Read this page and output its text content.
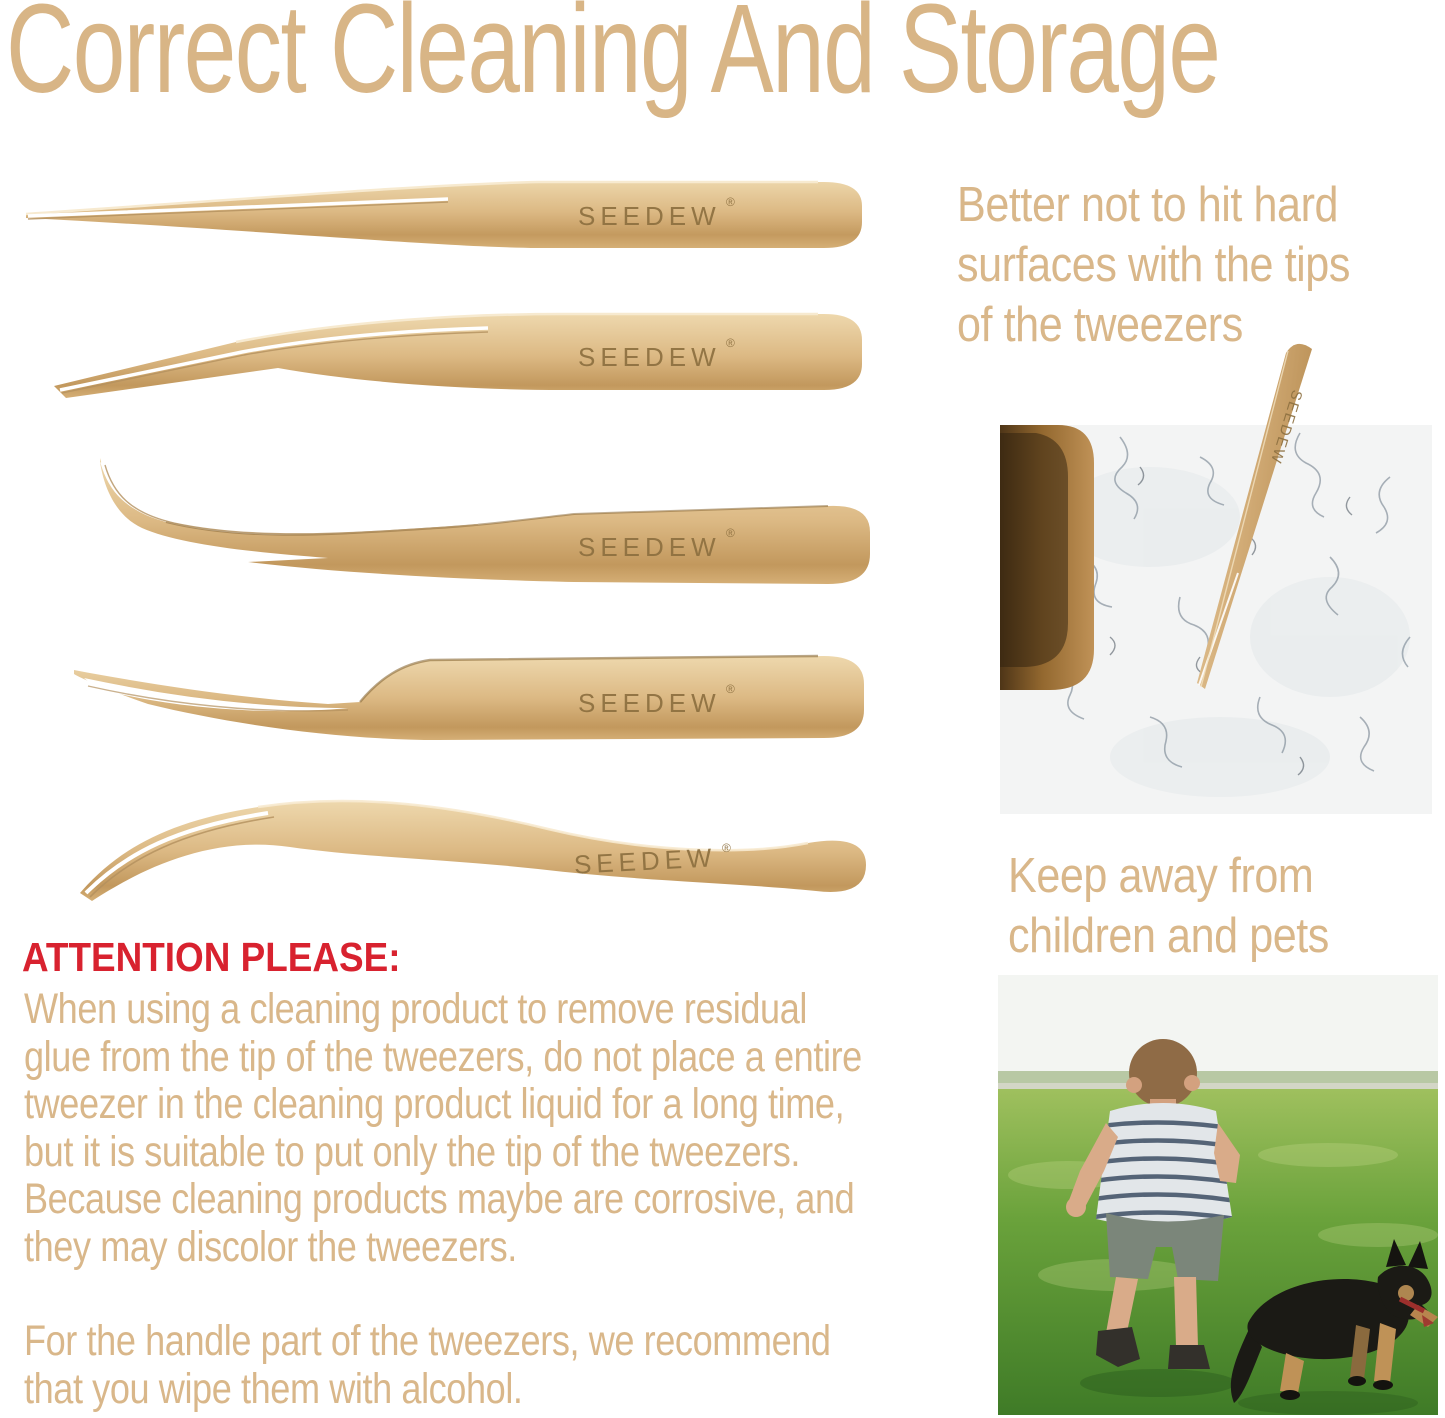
Correct Cleaning And Storage
SEEDEW ®
SEEDEW ®
SEEDEW ®
SEEDEW ®
SEEDEW ®
Better not to hit hard
surfaces with the tips
of the tweezers
SEEDEW
Keep away from
children and pets
ATTENTION PLEASE:
When using a cleaning product to remove residual
glue from the tip of the tweezers, do not place a entire
tweezer in the cleaning product liquid for a long time,
but it is suitable to put only the tip of the tweezers.
Because cleaning products maybe are corrosive, and
they may discolor the tweezers.
For the handle part of the tweezers, we recommend
that you wipe them with alcohol.
